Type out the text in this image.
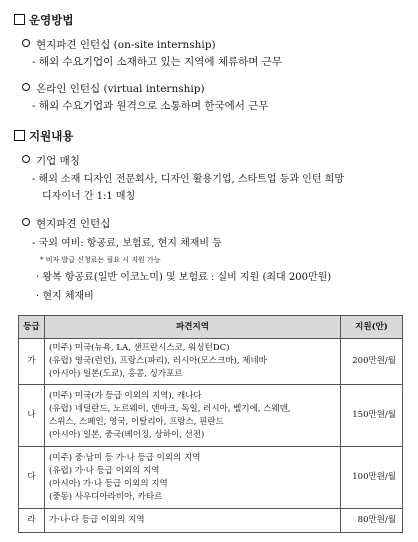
운영방법
현지파견 인턴십 (on-site internship)
- 해외 수요기업이 소재하고 있는 지역에 체류하며 근무
온라인 인턴십 (virtual internship)
- 해외 수요기업과 원격으로 소통하며 한국에서 근무
지원내용
기업 매칭
- 해외 소재 디자인 전문회사, 디자인 활용기업, 스타트업 등과 인턴 희망
디자이너 간 1:1 매칭
현지파견 인턴십
- 국외 여비: 항공료, 보험료, 현지 체재비 등
* 비자 발급 신청료는 필요 시 지원 가능
· 왕복 항공료(일반 이코노미) 및 보험료 : 실비 지원 (최대 200만원)
· 현지 체재비
등급	파견지역	지원(안)
가	(미주) 미국(뉴욕, LA, 샌프란시스코, 워싱턴DC)
(유럽) 영국(런던), 프랑스(파리), 러시아(모스크바), 제네바
(아시아) 일본(도쿄), 홍콩, 싱가포르	200만원/월
나	(미주) 미국(가 등급 이외의 지역), 캐나다
(유럽) 네덜란드, 노르웨이, 덴마크, 독일, 러시아, 벨기에, 스웨덴,
스위스, 스페인, 영국, 이탈리아, 프랑스, 핀란드
(아시아) 일본, 중국(베이징, 상하이, 선전)	150만원/월
다	(미주) 중·남미 등 가·나 등급 이외의 지역
(유럽) 가·나 등급 이외의 지역
(아시아) 가·나 등급 이외의 지역
(중동) 사우디아라비아, 카타르	100만원/월
라	가·나·다 등급 이외의 지역	80만원/월
